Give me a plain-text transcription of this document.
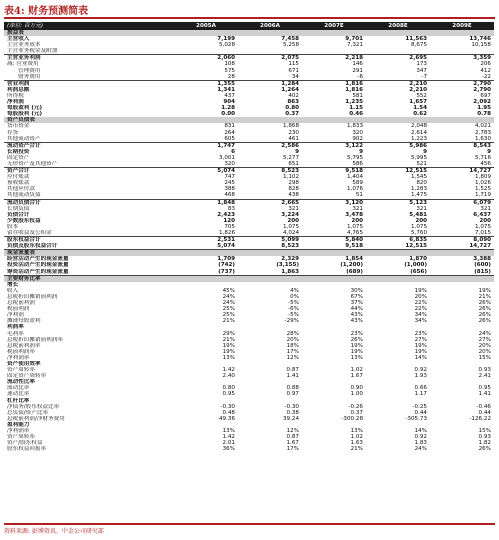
表4: 财务预测简表
(单位: 百万元)	2005A	2006A	2007E	2008E	2009E
损益表					
主营收入	7,199	7,458	9,701	11,563	13,746
主营业务成本	5,028	5,258	7,321	8,675	10,158
主营业务税金及附加					
主营业务利润	2,060	2,075	2,218	2,695	3,359
减: 营业费用	108	115	146	173	206
管理费用	575	671	291	347	412
财务费用	28	34	-6	-7	-22
营业利润	1,355	1,284	1,816	2,210	2,790
利润总额	1,341	1,264	1,816	2,210	2,790
所得税	437	402	581	552	697
净利润	904	863	1,235	1,657	2,092
每股盈利 (元)	1.28	0.80	1.15	1.54	1.95
每股股利 (元)	0.00	0.37	0.46	0.62	0.78
资产负债表					
货币资金	831	1,868	1,833	2,048	4,021
存货	264	230	320	2,614	2,783
其他流动资产	605	461	902	1,223	1,630
流动资产合计	1,747	2,586	3,122	5,986	8,543
长期投资	6	9	9	9	9
固定资产	3,001	5,277	5,795	5,995	5,716
无形资产及其他资产	320	651	586	521	456
资产合计	5,074	8,523	9,518	12,515	14,727
应付账款	747	1,102	1,404	1,545	1,809
预收账款	245	298	589	820	1,026
其他应付款	388	828	1,076	1,283	1,525
其他流动负债	468	438	51	1,475	1,719
流动负债合计	1,848	2,665	3,120	5,123	6,079
长期负债	83	321	321	321	321
负债合计	2,423	3,224	3,478	5,481	6,437
少数股东权益	120	200	200	200	200
股本	705	1,075	1,075	1,075	1,075
留存收益及公积金	1,826	4,024	4,765	5,760	7,015
股东权益合计	2,531	5,099	5,840	6,835	8,090
负债及股东权益合计	5,074	8,523	9,518	12,515	14,727
现金流量表					
经营活动产生的现金流量	1,709	2,329	1,854	1,870	3,388
投资活动产生的现金流量	(742)	(3,155)	(1,200)	(1,000)	(600)
筹资活动产生的现金流量	(737)	1,863	(689)	(656)	(815)
主要财务比率					
增长					
收入	45%	4%	30%	19%	19%
息税折旧摊销前利润	24%	0%	67%	20%	21%
息税前利润	24%	-5%	37%	22%	26%
税前利润	25%	-6%	44%	22%	26%
净利润	25%	-5%	43%	34%	26%
摊薄每股盈利	21%	-29%	43%	34%	26%
利润率					
毛利率	29%	28%	23%	23%	24%
息税折旧摊销前利润率	21%	20%	26%	27%	27%
息税前利润率	19%	18%	19%	19%	20%
税前利润率	19%	17%	19%	19%	20%
净利润率	13%	12%	13%	14%	15%
资产使用效率					
资产周转率	1.42	0.87	1.02	0.92	0.93
固定资产周转率	2.40	1.41	1.67	1.93	2.41
流动性比率					
流动比率	0.80	0.88	0.90	0.66	0.95
速动比率	0.95	0.97	1.00	1.17	1.41
杠杆比率					
净债务/股东权益比率	-0.30	-0.30	-0.26	-0.25	-0.46
总负债/资产比率	0.48	0.38	0.37	0.44	0.44
息税前利润/净财务费用	49.36	39.24	-300.28	-305.73	-126.22
盈利能力					
净利润率	13%	12%	13%	14%	15%
资产周转率	1.42	0.87	1.02	0.92	0.93
资产/股东权益	2.01	1.67	1.63	1.83	1.82
股东权益回报率	36%	17%	21%	24%	26%
资料来源: 彭博资讯、中金公司研究部
